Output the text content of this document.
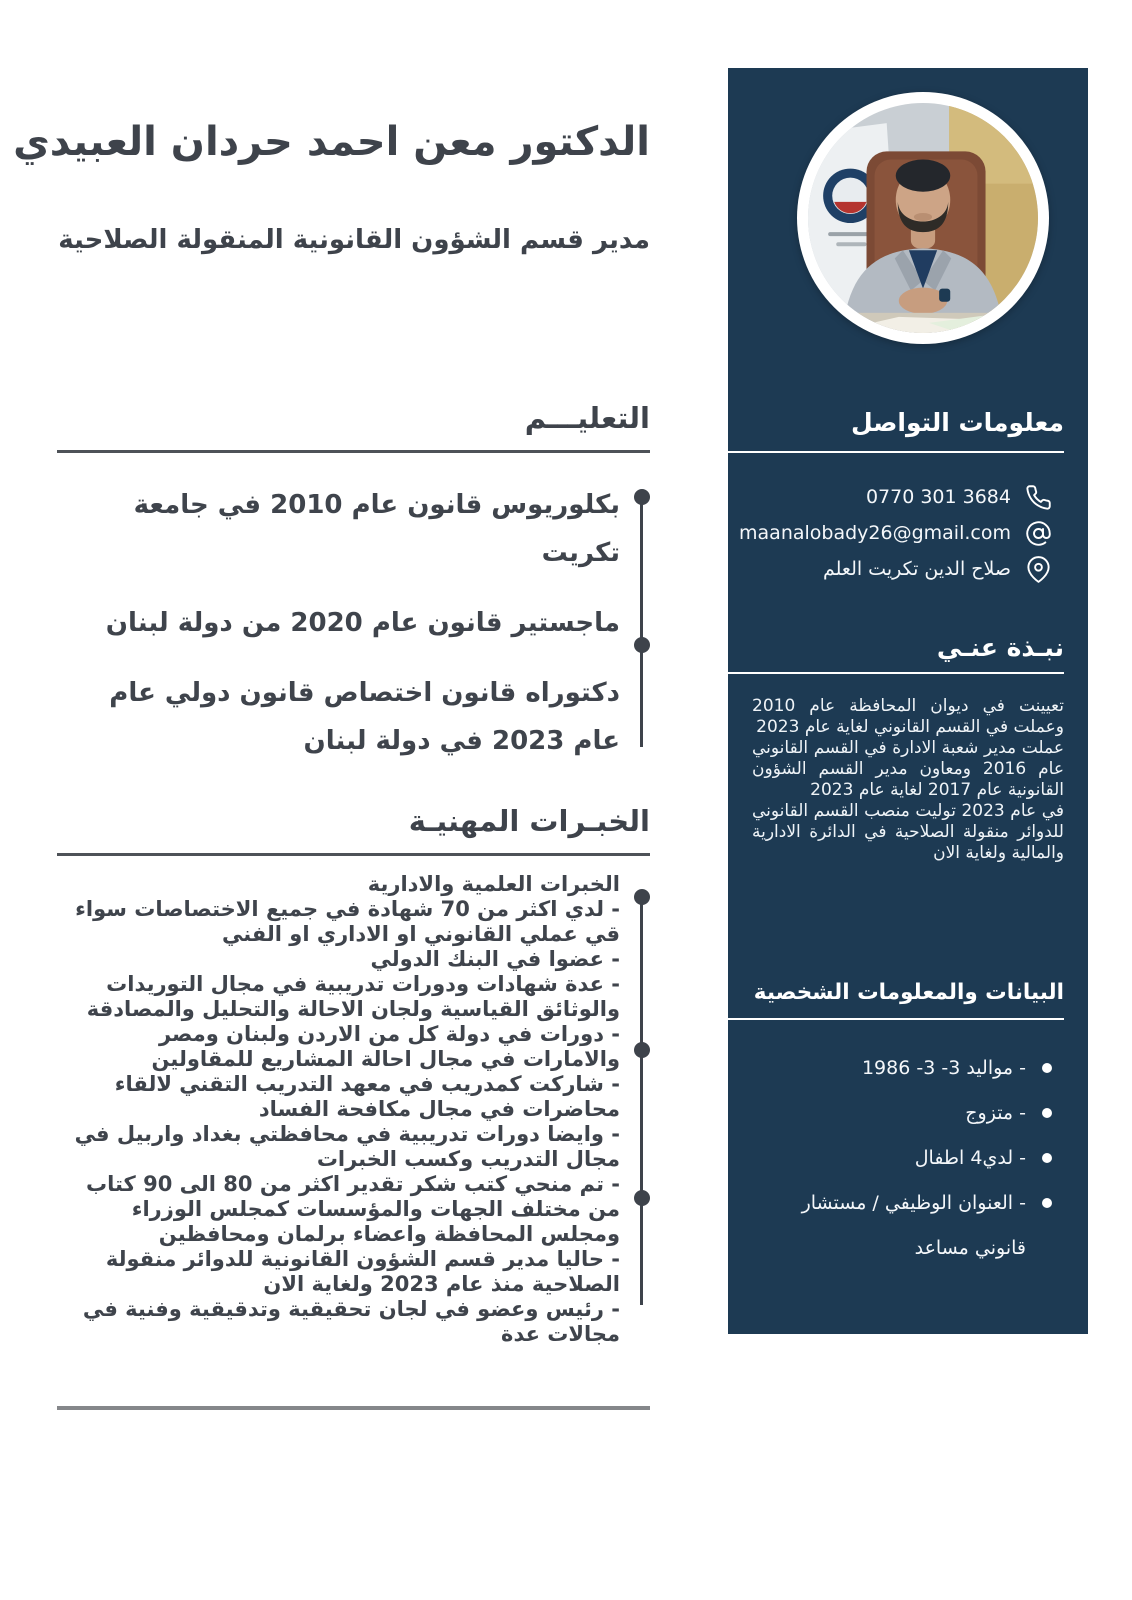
الدكتور معن احمد حردان العبيدي
مدير قسم الشؤون القانونية المنقولة الصلاحية
التعليـــم
بكلوريوس قانون عام 2010 في جامعة تكريت
ماجستير قانون عام 2020 من دولة لبنان
دكتوراه قانون اختصاص قانون دولي عام عام 2023 في دولة لبنان
الخبـرات المهنيـة
الخبرات العلمية والادارية
- لدي اكثر من 70 شهادة في جميع الاختصاصات سواء قي عملي القانوني او الاداري او الفني
- عضوا في البنك الدولي
- عدة شهادات ودورات تدريبية في مجال التوريدات والوثائق القياسية ولجان الاحالة والتحليل والمصادقة
- دورات في دولة كل من الاردن ولبنان ومصر والامارات في مجال احالة المشاريع للمقاولين
- شاركت كمدريب في معهد التدريب التقني لالقاء محاضرات في مجال مكافحة الفساد
- وايضا دورات تدريبية في محافظتي بغداد واربيل في مجال التدريب وكسب الخبرات
- تم منحي كتب شكر تقدير اكثر من 80 الى 90 كتاب من مختلف الجهات والمؤسسات كمجلس الوزراء ومجلس المحافظة واعضاء برلمان ومحافظين
- حاليا مدير قسم الشؤون القانونية للدوائر منقولة الصلاحية منذ عام 2023 ولغاية الان
- رئيس وعضو في لجان تحقيقية وتدقيقية وفنية في مجالات عدة
معلومات التواصل
0770 301 3684
maanalobady26@gmail.com
صلاح الدين تكريت العلم
نبـذة عنـي
تعيينت في ديوان المحافظة عام 2010 وعملت في القسم القانوني لغاية عام 2023
عملت مدير شعبة الادارة في القسم القانوني عام 2016 ومعاون مدير القسم الشؤون القانونية عام 2017 لغاية عام 2023
في عام 2023 توليت منصب القسم القانوني للدوائر منقولة الصلاحية في الدائرة الادارية والمالية ولغاية الان
البيانات والمعلومات الشخصية
- مواليد 3- 3- 1986
- متزوج
- لدي4 اطفال
- العنوان الوظيفي / مستشار قانوني مساعد
